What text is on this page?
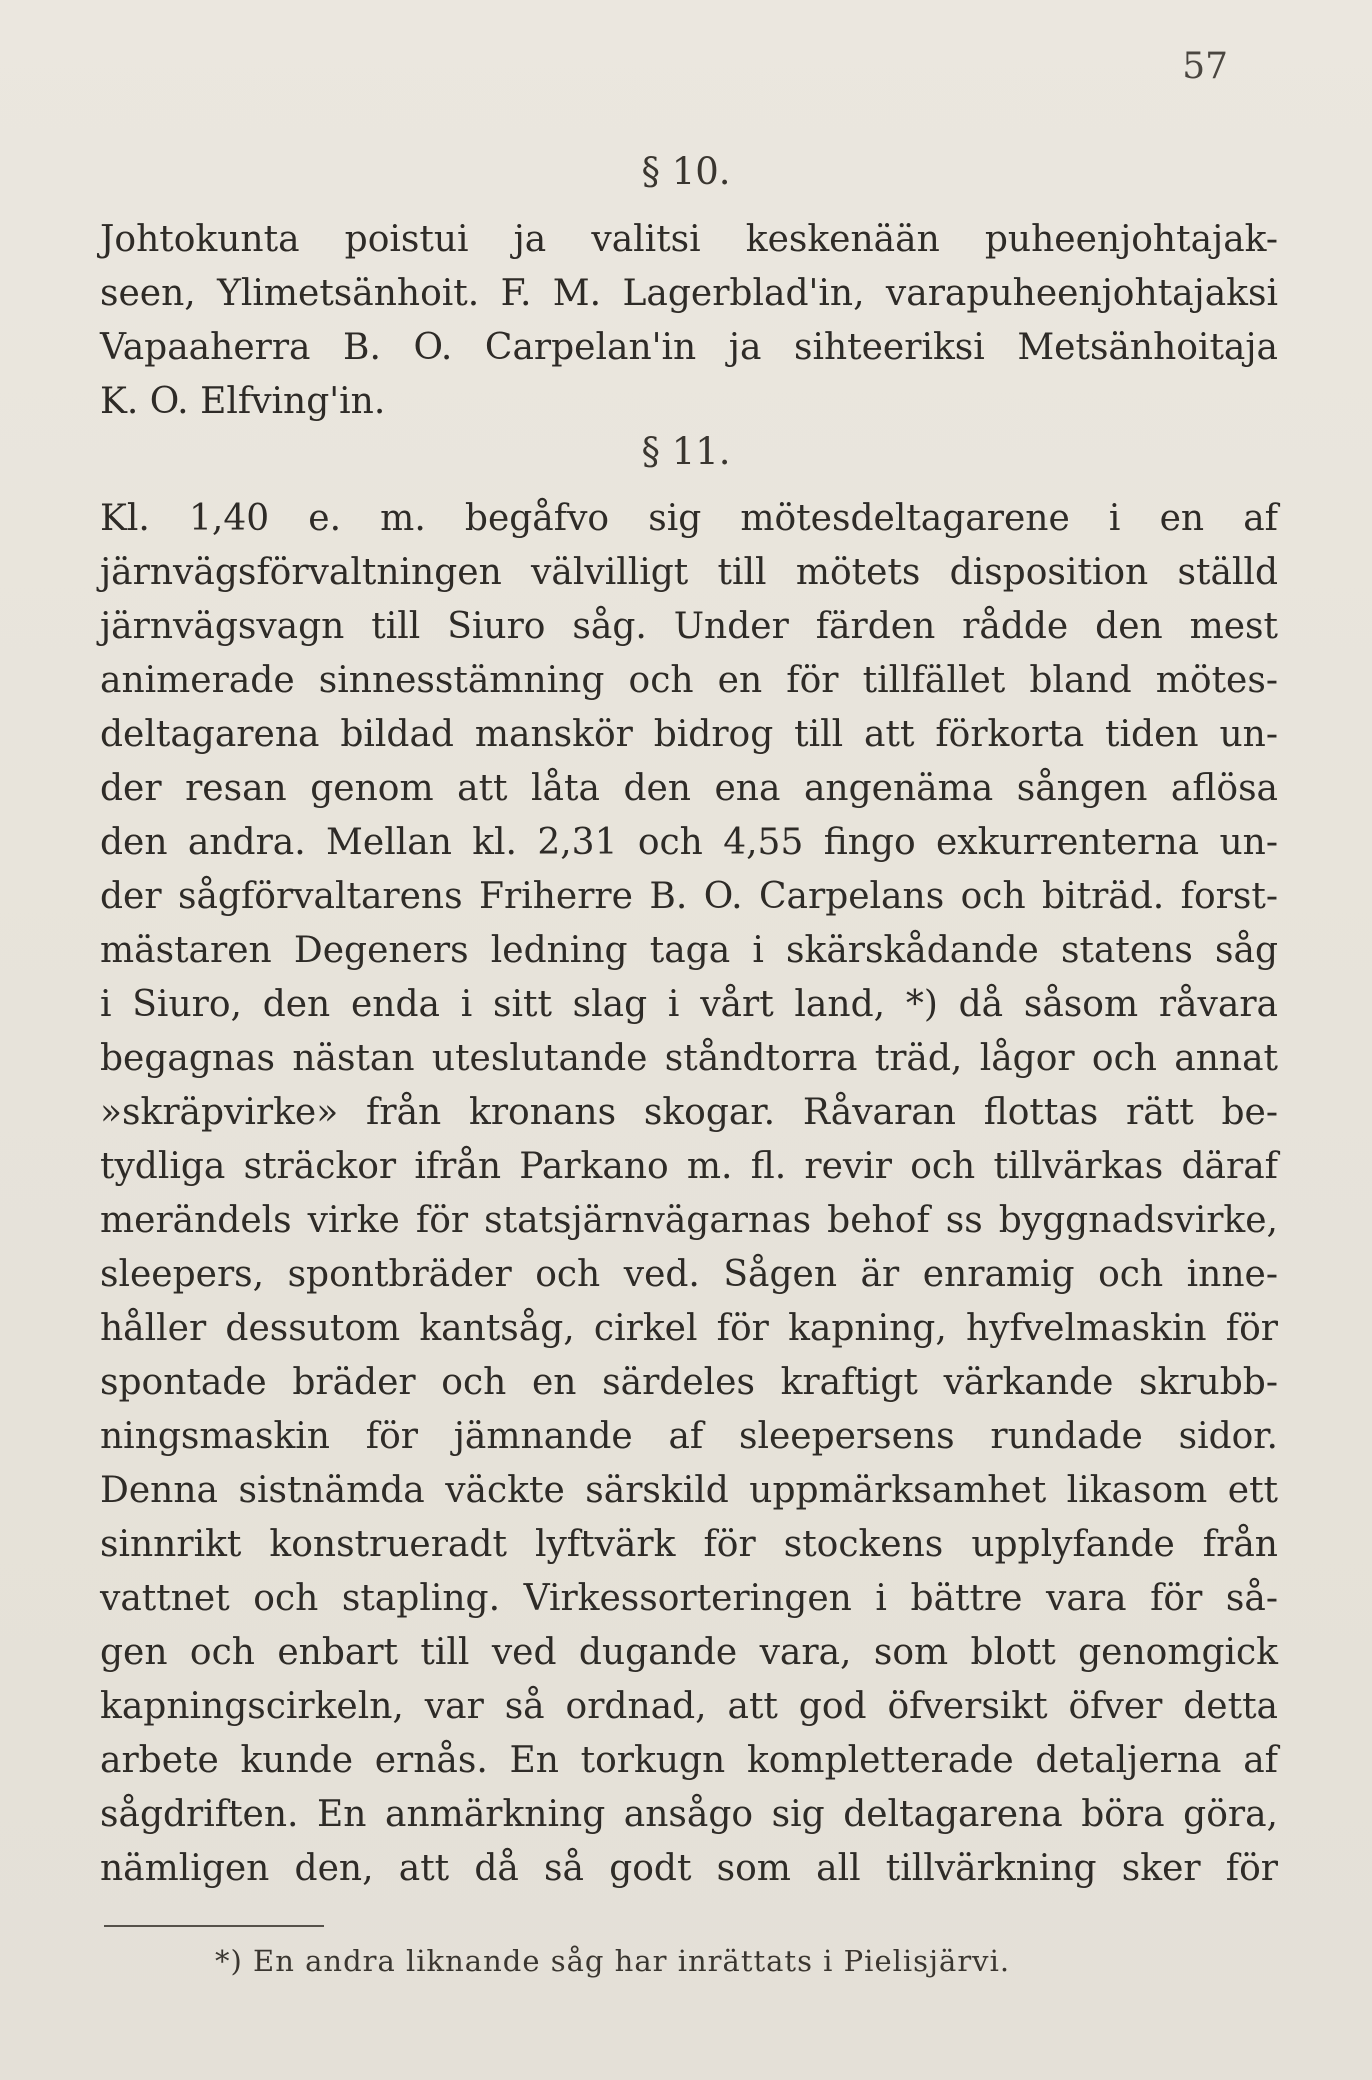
57
§ 10.
Johtokunta poistui ja valitsi keskenään puheenjohtajak-
seen, Ylimetsänhoit. F. M. Lagerblad'in, varapuheenjohtajaksi
Vapaaherra B. O. Carpelan'in ja sihteeriksi Metsänhoitaja
K. O. Elfving'in.
§ 11.
Kl. 1,40 e. m. begåfvo sig mötesdeltagarene i en af
järnvägsförvaltningen välvilligt till mötets disposition ställd
järnvägsvagn till Siuro såg. Under färden rådde den mest
animerade sinnesstämning och en för tillfället bland mötes-
deltagarena bildad manskör bidrog till att förkorta tiden un-
der resan genom att låta den ena angenäma sången aflösa
den andra. Mellan kl. 2,31 och 4,55 fingo exkurrenterna un-
der sågförvaltarens Friherre B. O. Carpelans och biträd. forst-
mästaren Degeners ledning taga i skärskådande statens såg
i Siuro, den enda i sitt slag i vårt land, *) då såsom råvara
begagnas nästan uteslutande ståndtorra träd, lågor och annat
»skräpvirke» från kronans skogar. Råvaran flottas rätt be-
tydliga sträckor ifrån Parkano m. fl. revir och tillvärkas däraf
merändels virke för statsjärnvägarnas behof ss byggnadsvirke,
sleepers, spontbräder och ved. Sågen är enramig och inne-
håller dessutom kantsåg, cirkel för kapning, hyfvelmaskin för
spontade bräder och en särdeles kraftigt värkande skrubb-
ningsmaskin för jämnande af sleepersens rundade sidor.
Denna sistnämda väckte särskild uppmärksamhet likasom ett
sinnrikt konstrueradt lyftvärk för stockens upplyfande från
vattnet och stapling. Virkessorteringen i bättre vara för så-
gen och enbart till ved dugande vara, som blott genomgick
kapningscirkeln, var så ordnad, att god öfversikt öfver detta
arbete kunde ernås. En torkugn kompletterade detaljerna af
sågdriften. En anmärkning ansågo sig deltagarena böra göra,
nämligen den, att då så godt som all tillvärkning sker för
*) En andra liknande såg har inrättats i Pielisjärvi.
